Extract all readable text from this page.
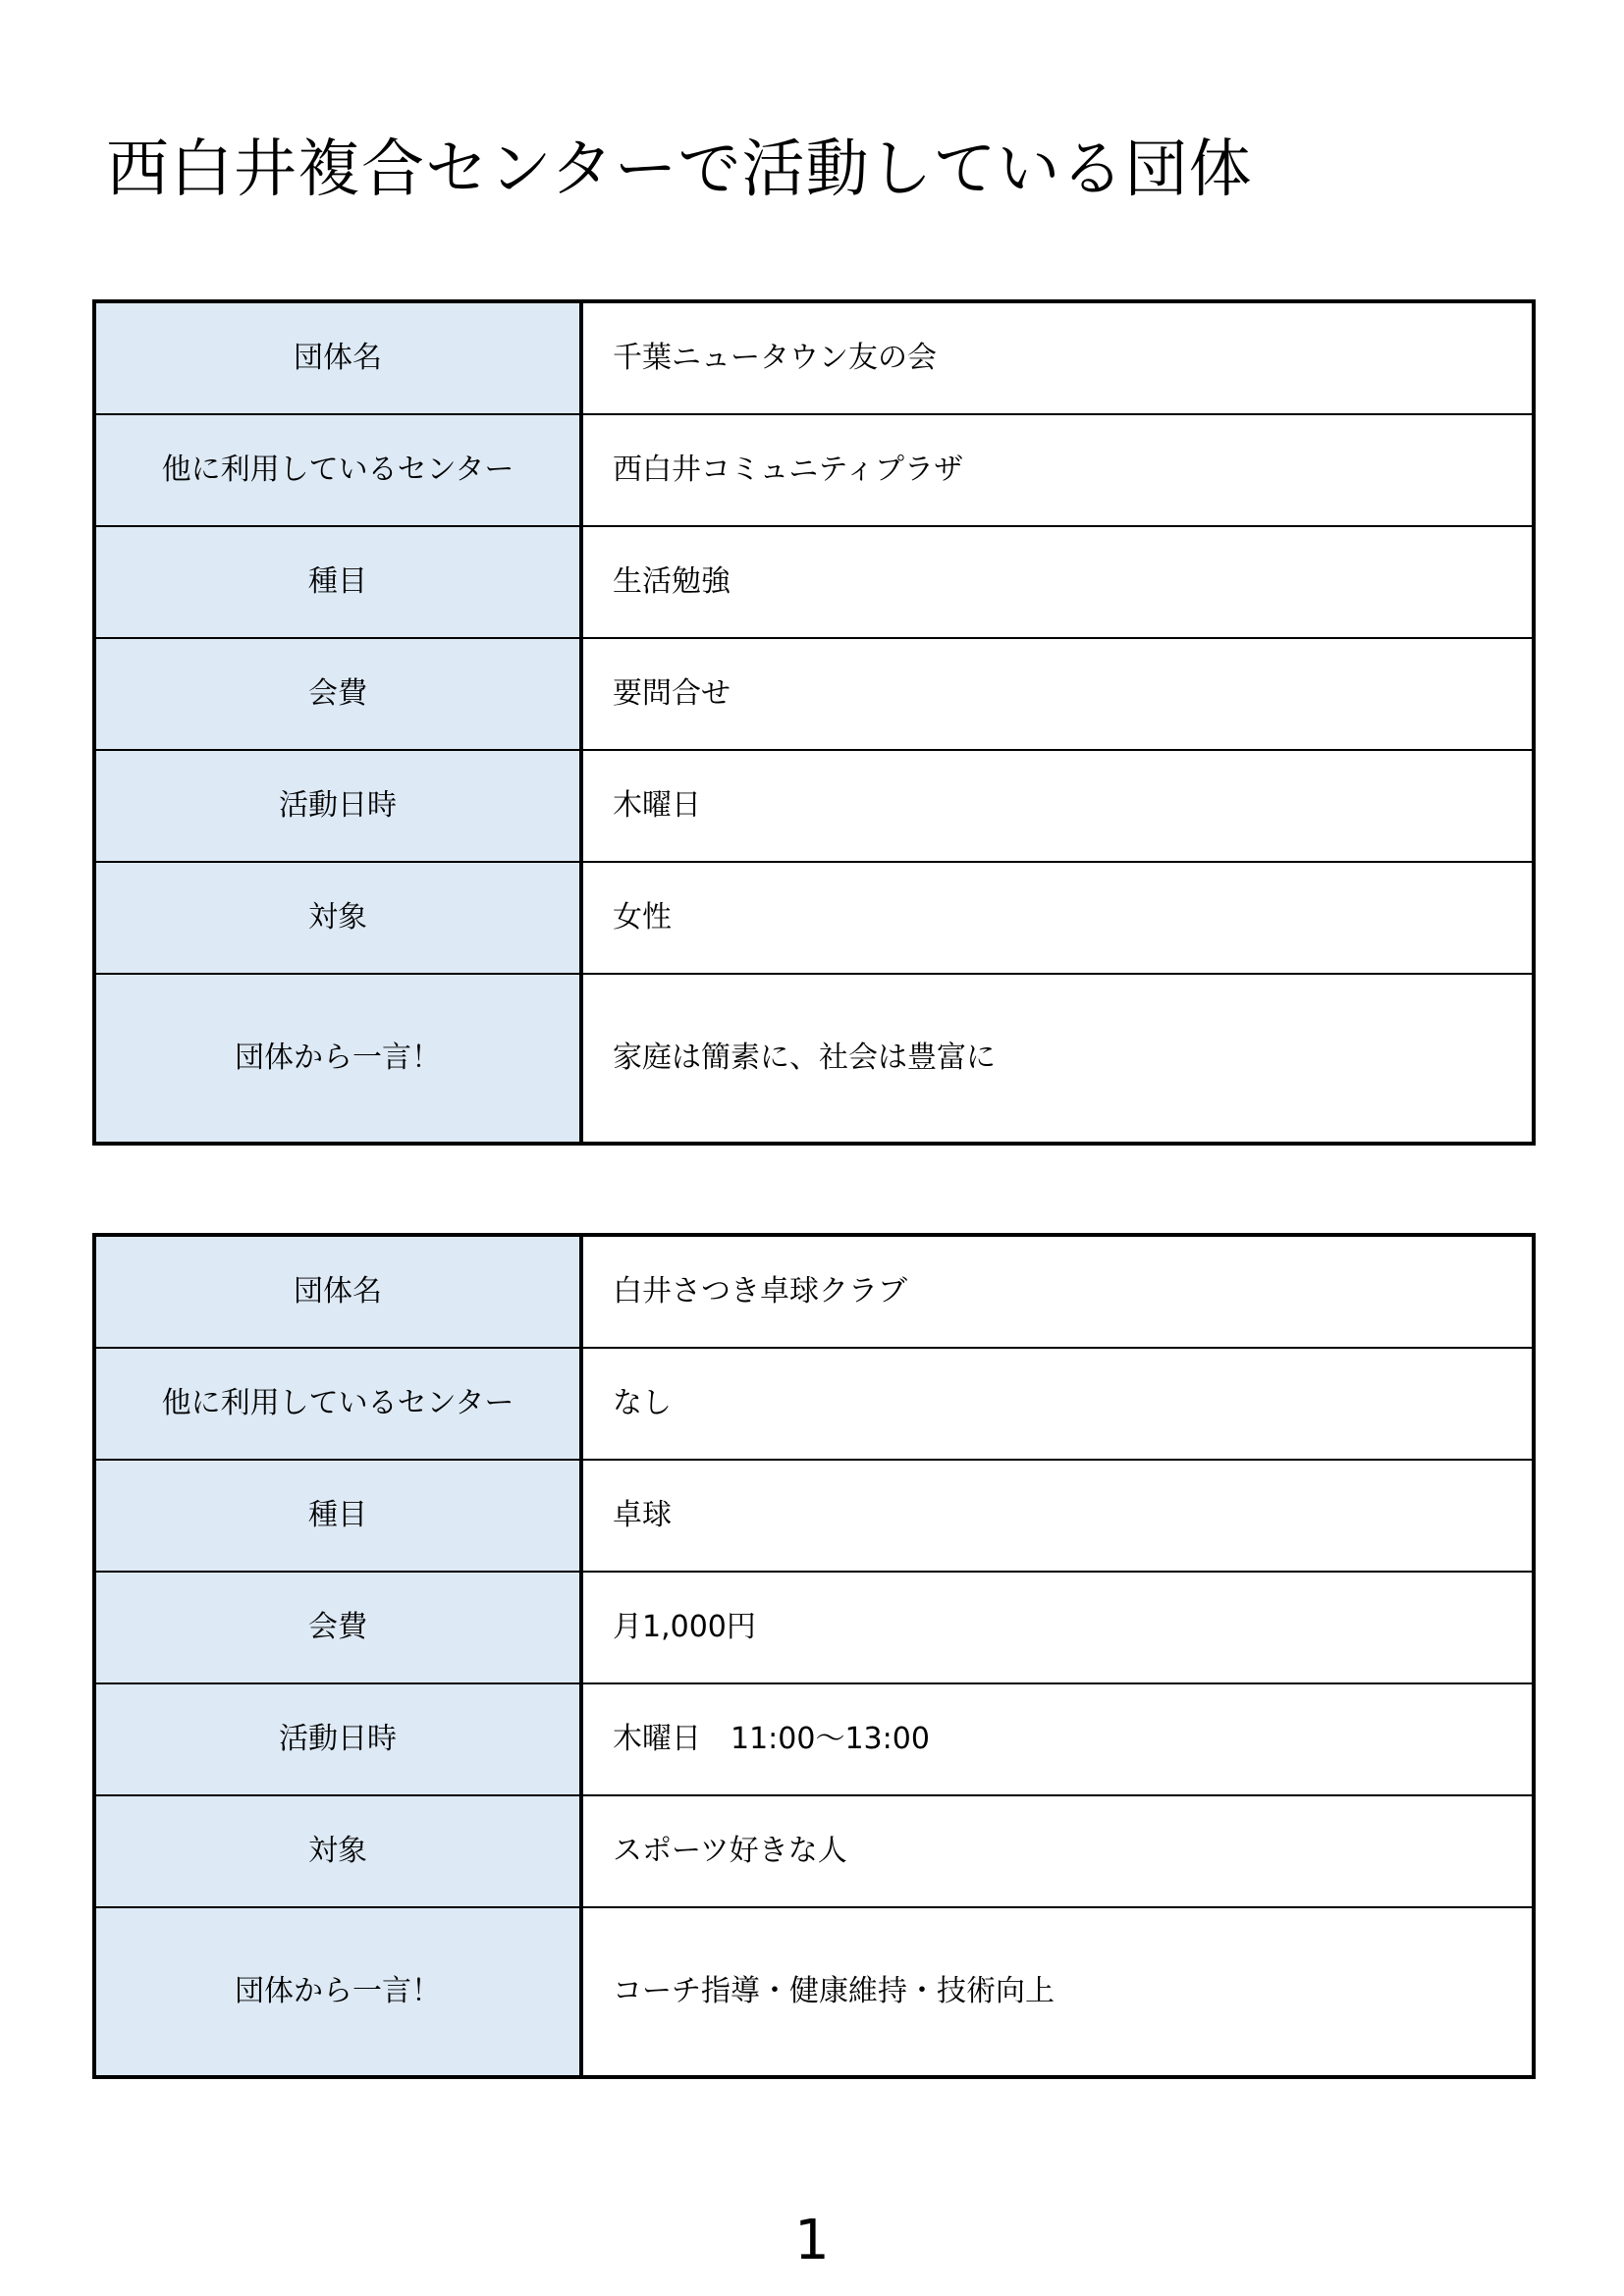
西白井複合センターで活動している団体
団体名	千葉ニュータウン友の会
他に利用しているセンター	西白井コミュニティプラザ
種目	生活勉強
会費	要問合せ
活動日時	木曜日
対象	女性
団体から一言！	家庭は簡素に、社会は豊富に
団体名	白井さつき卓球クラブ
他に利用しているセンター	なし
種目	卓球
会費	月1,000円
活動日時	木曜日　11:00～13:00
対象	スポーツ好きな人
団体から一言！	コーチ指導・健康維持・技術向上
1
